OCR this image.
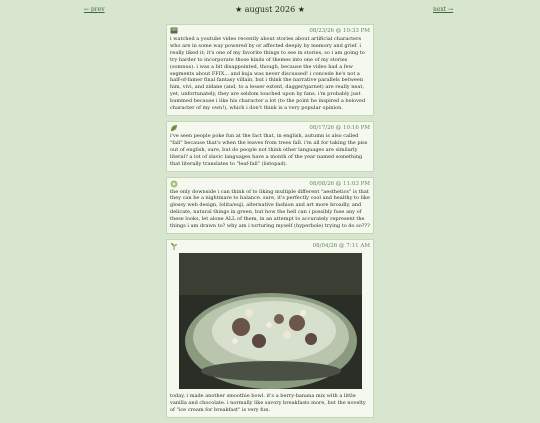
← prev	★ august 2026 ★	next →
08/23/26 @ 10:33 PM
i watched a youtube video recently about stories about artificial characters who are in some way powered by or affected deeply by memory and grief. i really liked it; it's one of my favorite things to see in stories, so i am going to try harder to incorporate those kinds of themes into one of my stories (somnus). i was a bit disappointed, though, because the video had a few segments about FFIX... and kuja was never discussed! i concede he's not a half-of-famer final fantasy villain, but i think the narrative parallels between him, vivi, and zidane (and, to a lesser extent, dagger/garnet) are really neat, yet, unfortunately, they are seldom touched upon by fans. i'm probably just bummed because i like his character a lot (to the point he inspired a beloved character of my own!), which i don't think is a very popular opinion.
08/17/26 @ 10:16 PM
i've seen people poke fun at the fact that, in english, autumn is also called "fall" because that's when the leaves from trees fall. i'm all for taking the piss out of english, sure, but do people not think other languages are similarly literal? a lot of slavic languages have a month of the year named something that literally translates to "leaf-fall" (listopad).
08/08/26 @ 11:03 PM
the only downside i can think of to liking multiple different "aesthetics" is that they can be a nightmare to balance. sure, it's perfectly cool and healthy to like glossy web design, lolita/euji, alternative fashion and art more broadly, and delicate, natural things in green, but how the hell can i possibly fuse any of these looks, let alone ALL of them, in an attempt to accurately represent the things i am drawn to? why am i torturing myself (hyperbole) trying to do so???
08/04/26 @ 7:11 AM
today, i made another smoothie bowl. it's a berry-banana mix with a little vanilla and chocolate. i normally like savory breakfasts more, but the novelty of "ice cream for breakfast" is very fun.
